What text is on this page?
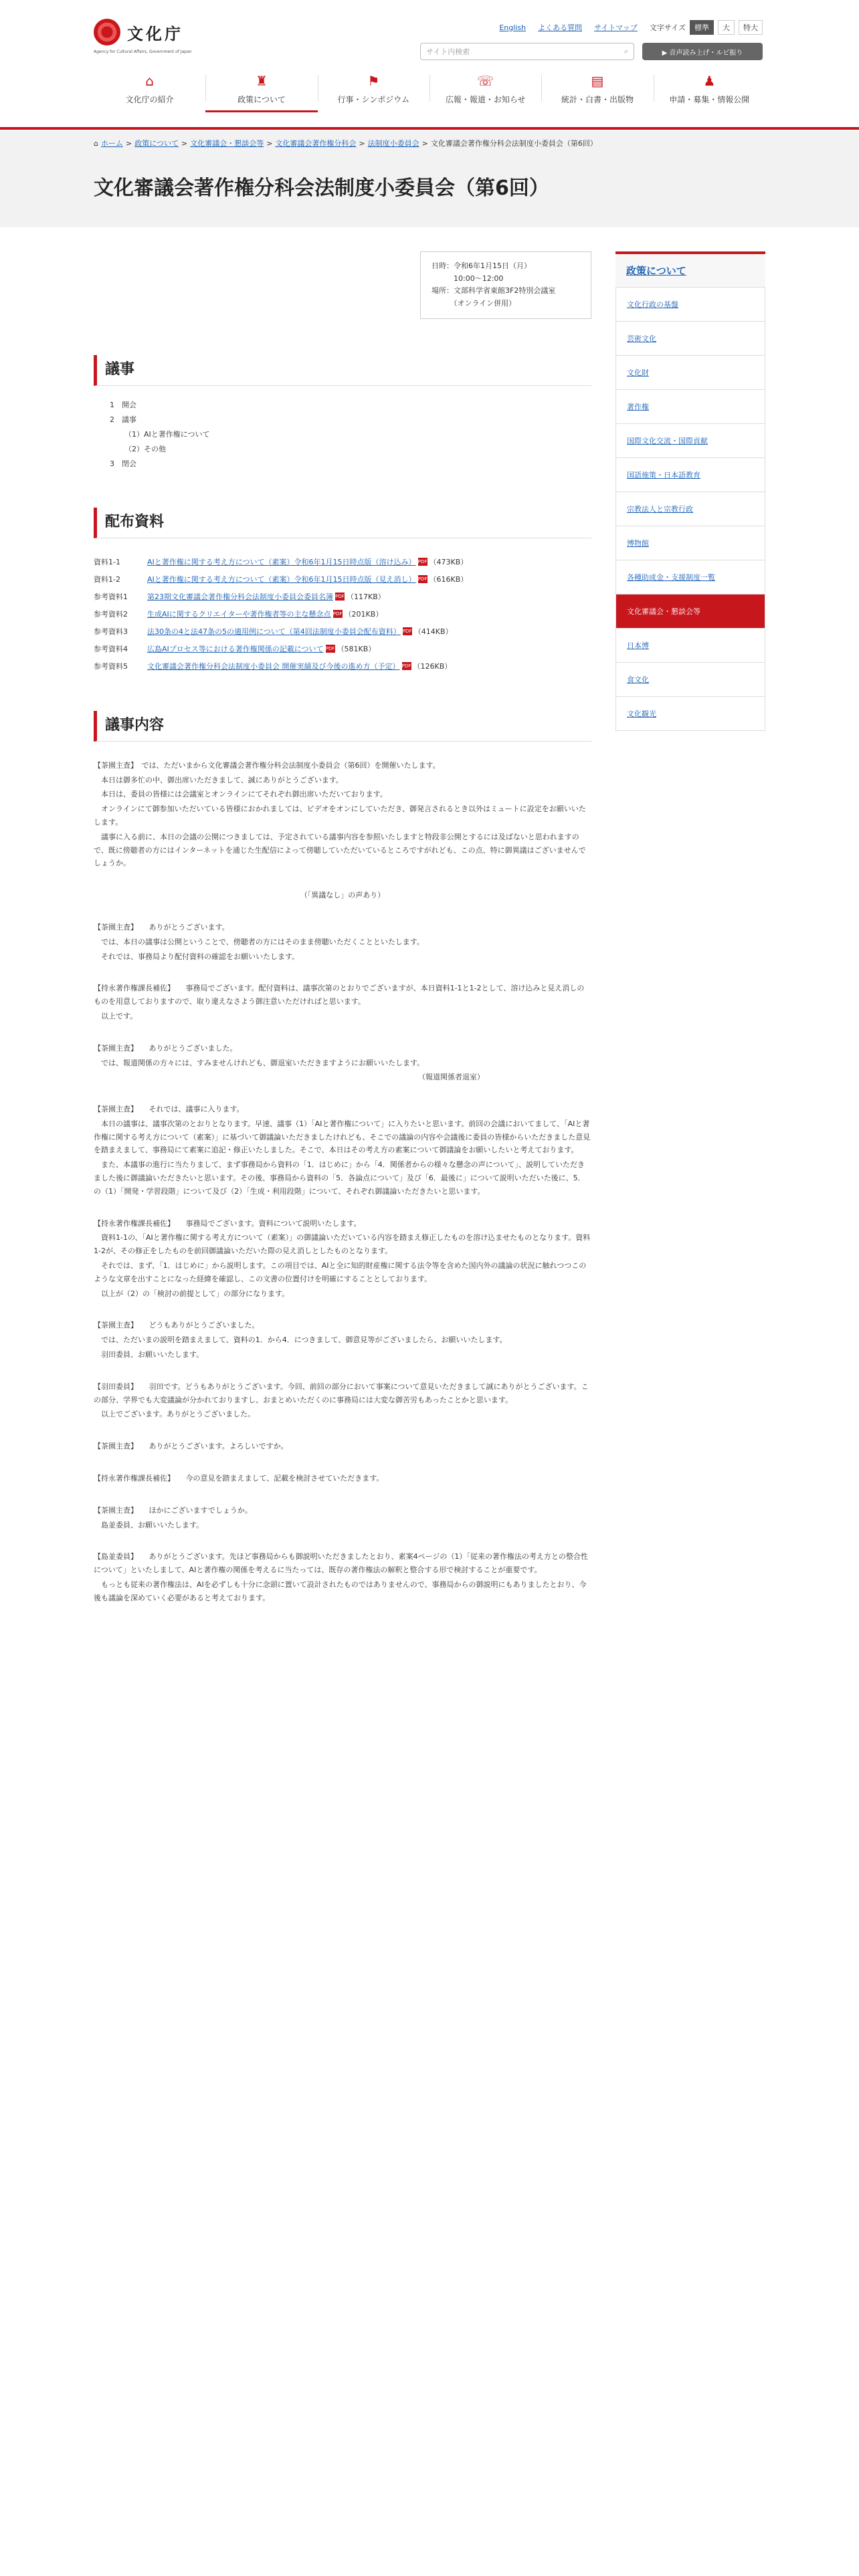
文化庁
Agency for Cultural Affairs, Government of Japan
English よくある質問 サイトマップ 文字サイズ	標準	大	特大
サイト内検索	⌕	▶ 音声読み上げ・ルビ振り
⌂
文化庁の紹介
♜
政策について
⚑
行事・シンポジウム
☏
広報・報道・お知らせ
▤
統計・白書・出版物
♟
申請・募集・情報公開
⌂ ホーム > 政策について > 文化審議会・懇談会等 > 文化審議会著作権分科会 > 法制度小委員会 > 文化審議会著作権分科会法制度小委員会（第6回）
文化審議会著作権分科会法制度小委員会（第6回）
日時：令和6年1月15日（月）
　　　10:00～12:00
場所：文部科学省東館3F2特別会議室
　　　（オンライン併用）
議事
1　開会
2　議事
（1）AIと著作権について
（2）その他
3　閉会
配布資料
資料1-1	AIと著作権に関する考え方について（素案）令和6年1月15日時点版（溶け込み） PDF （473KB）
資料1-2	AIと著作権に関する考え方について（素案）令和6年1月15日時点版（見え消し） PDF （616KB）
参考資料1	第23期文化審議会著作権分科会法制度小委員会委員名簿 PDF （117KB）
参考資料2	生成AIに関するクリエイターや著作権者等の主な懸念点 PDF （201KB）
参考資料3	法30条の4と法47条の5の適用例について（第4回法制度小委員会配布資料） PDF （414KB）
参考資料4	広島AIプロセス等における著作権関係の記載について PDF （581KB）
参考資料5	文化審議会著作権分科会法制度小委員会 開催実績及び今後の進め方（予定） PDF （126KB）
議事内容

【茶園主査】　では、ただいまから文化審議会著作権分科会法制度小委員会（第6回）を開催いたします。

　本日は御多忙の中、御出席いただきまして、誠にありがとうございます。

　本日は、委員の皆様には会議室とオンラインにてそれぞれ御出席いただいております。

　オンラインにて御参加いただいている皆様におかれましては、ビデオをオンにしていただき、御発言されるとき以外はミュートに設定をお願いいたします。

　議事に入る前に、本日の会議の公開につきましては、予定されている議事内容を参照いたしますと特段非公開とするには及ばないと思われますので、既に傍聴者の方にはインターネットを通じた生配信によって傍聴していただいているところですがれども、この点、特に御異議はございませんでしょうか。

（「異議なし」の声あり）

【茶園主査】　　ありがとうございます。

　では、本日の議事は公開ということで、傍聴者の方にはそのまま傍聴いただくことといたします。

　それでは、事務局より配付資料の確認をお願いいたします。

【持永著作権課長補佐】　　事務局でございます。配付資料は、議事次第のとおりでございますが、本日資料1-1と1-2として、溶け込みと見え消しのものを用意しておりますので、取り違えなさよう御注意いただければと思います。

　以上です。

【茶園主査】　　ありがとうございました。

　では、報道関係の方々には、すみませんけれども、御退室いただきますようにお願いいたします。

（報道関係者退室）

【茶園主査】　　それでは、議事に入ります。

　本日の議事は、議事次第のとおりとなります。早速、議事（1）「AIと著作権について」に入りたいと思います。前回の会議においてまして、「AIと著作権に関する考え方について（素案）」に基づいて御議論いただきましたけれども、そこでの議論の内容や会議後に委員の皆様からいただきました意見を踏まえまして、事務局にて素案に追記・修正いたしました。そこで、本日はその考え方の素案について御議論をお願いしたいと考えております。

　また、本議事の進行に当たりまして、まず事務局から資料の「1．はじめに」から「4．関係者からの様々な懸念の声について」、説明していただきました後に御議論いただきたいと思います。その後、事務局から資料の「5．各論点について」及び「6．最後に」について説明いただいた後に、5．の（1）「開発・学習段階」について及び（2）「生成・利用段階」について、それぞれ御議論いただきたいと思います。

【持永著作権課長補佐】　　事務局でございます。資料について説明いたします。

　資料1-1の、「AIと著作権に関する考え方について（素案）」の御議論いただいている内容を踏まえ修正したものを溶け込ませたものとなります。資料1-2が、その修正をしたものを前回御議論いただいた際の見え消しとしたものとなります。

　それでは、まず、「1．はじめに」から説明します。この項目では、AIと全に知的財産権に関する法令等を含めた国内外の議論の状況に触れつつこのような文章を出すことになった経緯を確認し、この文書の位置付けを明確にすることとしております。

　以上が（2）の「検討の前提として」の部分になります。

【茶園主査】　　どうもありがとうございました。

　では、ただいまの説明を踏まえまして、資料の1．から4．につきまして、御意見等がございましたら、お願いいたします。

　羽田委員、お願いいたします。

【羽田委員】　　羽田です。どうもありがとうございます。今回、前回の部分において事案について意見いただきまして誠にありがとうございます。この部分、学界でも大変議論が分かれておりますし、おまとめいただくのに事務局には大変な御苦労もあったことかと思います。

　以上でございます。ありがとうございました。

【茶園主査】　　ありがとうございます。よろしいですか。

【持永著作権課長補佐】　　今の意見を踏まえまして、記載を検討させていただきます。

【茶園主査】　　ほかにございますでしょうか。

　島並委員、お願いいたします。

【島並委員】　　ありがとうございます。先ほど事務局からも御説明いただきましたとおり、素案4ページの（1）「従来の著作権法の考え方との整合性について」といたしまして、AIと著作権の関係を考えるに当たっては、既存の著作権法の解釈と整合する形で検討することが重要です。

　もっとも従来の著作権法は、AIを必ずしも十分に念頭に置いて設計されたものではありませんので、事務局からの御説明にもありましたとおり、今後も議論を深めていく必要があると考えております。

政策について
文化行政の基盤
芸術文化
文化財
著作権
国際文化交流・国際貢献
国語施策・日本語教育
宗教法人と宗教行政
博物館
各種助成金・支援制度一覧
文化審議会・懇談会等
日本博
食文化
文化観光
